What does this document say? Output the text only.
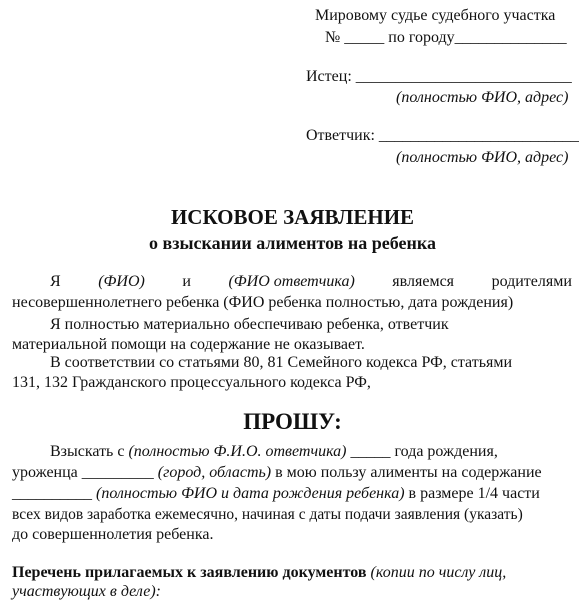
Мировому судье судебного участка
№ _____ по городу______________
Истец: ___________________________
(полностью ФИО, адрес)
Ответчик: _________________________
(полностью ФИО, адрес)
ИСКОВОЕ ЗАЯВЛЕНИЕ
о взыскании алиментов на ребенка
Я (ФИО) и (ФИО ответчика) являемся родителями
несовершеннолетнего ребенка (ФИО ребенка полностью, дата рождения)
Я полностью материально обеспечиваю ребенка, ответчик
материальной помощи на содержание не оказывает.
В соответствии со статьями 80, 81 Семейного кодекса РФ, статьями
131, 132 Гражданского процессуального кодекса РФ,
ПРОШУ:
Взыскать с (полностью Ф.И.О. ответчика) _____ года рождения,
уроженца _________ (город, область) в мою пользу алименты на содержание
__________ (полностью ФИО и дата рождения ребенка) в размере 1/4 части
всех видов заработка ежемесячно, начиная с даты подачи заявления (указать)
до совершеннолетия ребенка.
Перечень прилагаемых к заявлению документов (копии по числу лиц,
участвующих в деле):
